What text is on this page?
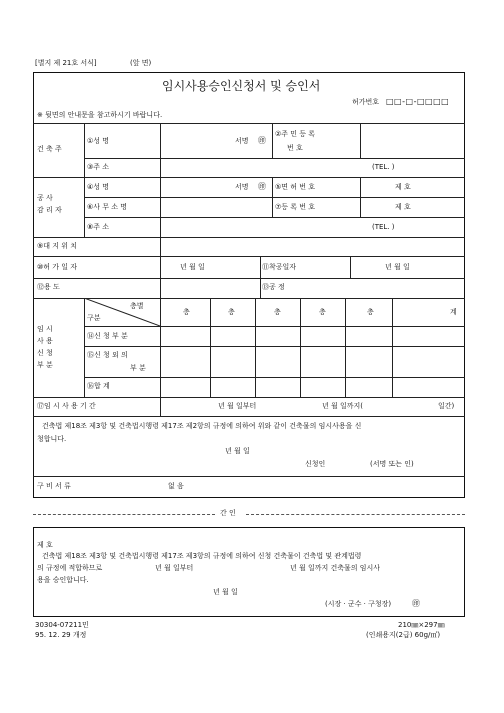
[별지 제 21호 서식]	(앞 면)
임시사용승인신청서 및 승인서
허가번호 □□-□-□□□□
※ 뒷면의 안내문을 참고하시기 바랍니다.
건 축 주
①성 명	서명 ㊞
②주 민 등 록
번 호
③주 소	(TEL. )
공 사
감 리 자
④성 명	서명 ㊞ ⑤면 허 번 호	제 호
⑥사 무 소 명	⑦등 록 번 호	제 호
⑧주 소	(TEL. )
⑨대 지 위 치
⑩허 가 일 자	년 월 일	⑪착공일자	년 월 일
⑫용 도	⑬공 정
임 시
사 용
신 청
부 분
층별
구분
층	층	층	층	층	계
⑭신 청 부 분
⑮신 청 외 의
부 분
⑯합 계
⑰임 시 사 용 기 간	년 월 일부터	년 월 일까지(	일간)
건축법 제18조 제3항 및 건축법시행령 제17조 제2항의 규정에 의하여 위와 같이 건축물의 임시사용을 신
청합니다.
년 월 일
신청인	(서명 또는 인)
구 비 서 류	없 음
간 인
제 호
건축법 제18조 제3항 및 건축법시행령 제17조 제3항의 규정에 의하여 신청 건축물이 건축법 및 관계법령
의 규정에 적합하므로	년 월 일부터	년 월 일까지 건축물의 임시사
용을 승인합니다.
년 월 일
(시장 · 군수 · 구청장)	㊞
30304-07211민
95. 12. 29 개정
210㎜×297㎜
(인쇄용지(2급) 60g/㎡)
